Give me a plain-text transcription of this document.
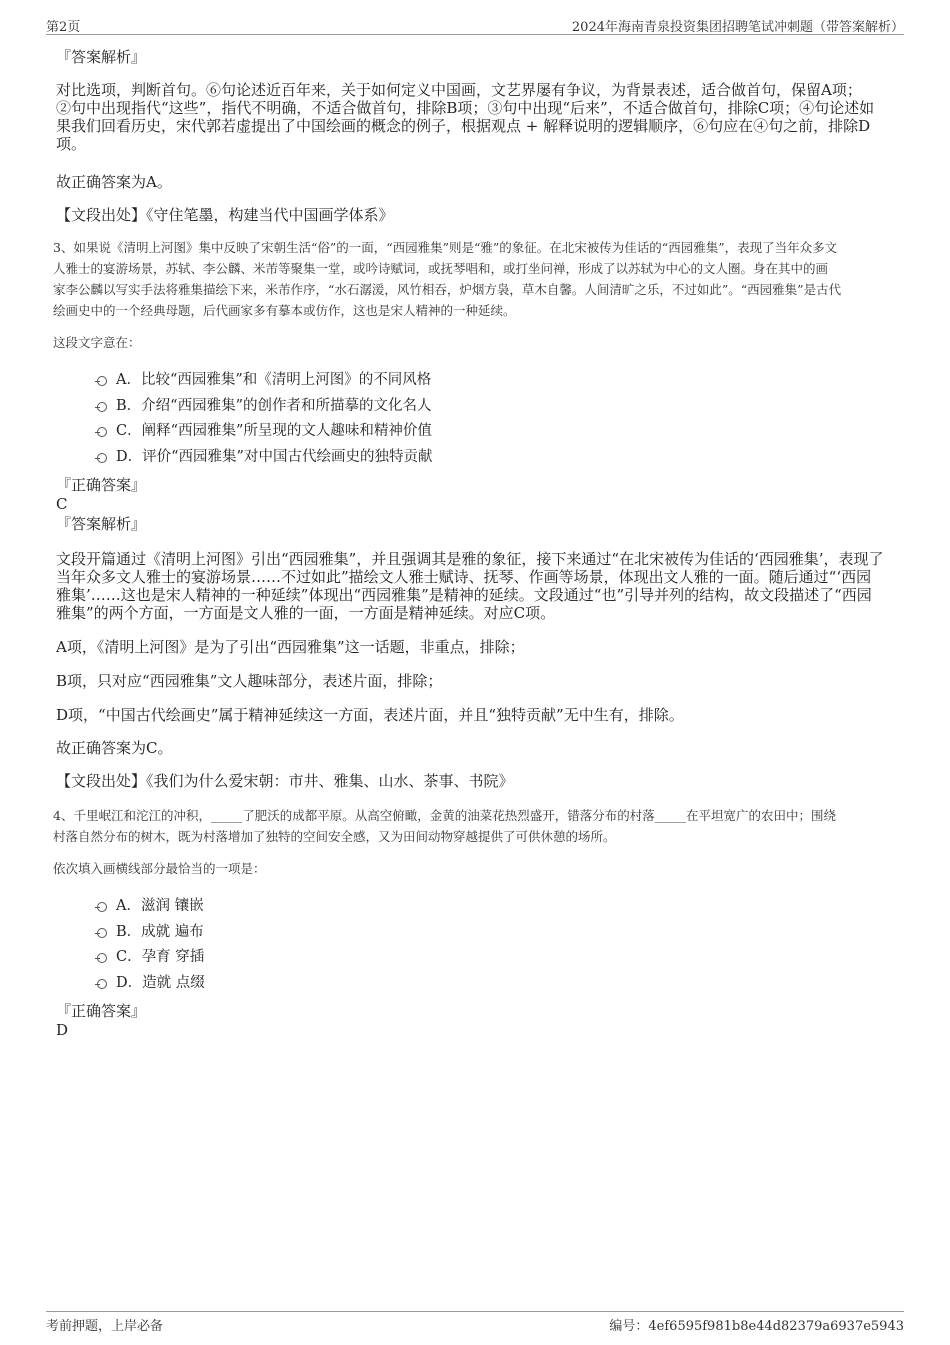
第2页	2024年海南青泉投资集团招聘笔试冲刺题（带答案解析）

『答案解析』

对比选项，判断首句。⑥句论述近百年来，关于如何定义中国画，文艺界屡有争议，为背景表述，适合做首句，保留A项；

②句中出现指代“这些”，指代不明确，不适合做首句，排除B项；③句中出现“后来”，不适合做首句，排除C项；④句论述如

果我们回看历史，宋代郭若虚提出了中国绘画的概念的例子，根据观点 + 解释说明的逻辑顺序，⑥句应在④句之前，排除D

项。

故正确答案为A。

【文段出处】《守住笔墨，构建当代中国画学体系》

3、如果说《清明上河图》集中反映了宋朝生活“俗”的一面，“西园雅集”则是“雅”的象征。在北宋被传为佳话的“西园雅集”，表现了当年众多文

人雅士的宴游场景，苏轼、李公麟、米芾等聚集一堂，或吟诗赋词，或抚琴唱和，或打坐问禅，形成了以苏轼为中心的文人圈。身在其中的画

家李公麟以写实手法将雅集描绘下来，米芾作序，“水石潺湲，风竹相吞，炉烟方袅，草木自馨。人间清旷之乐，不过如此”。“西园雅集”是古代

绘画史中的一个经典母题，后代画家多有摹本或仿作，这也是宋人精神的一种延续。

这段文字意在：

A．比较“西园雅集”和《清明上河图》的不同风格
B．介绍“西园雅集”的创作者和所描摹的文化名人
C．阐释“西园雅集”所呈现的文人趣味和精神价值
D．评价“西园雅集”对中国古代绘画史的独特贡献

『正确答案』

C

『答案解析』

文段开篇通过《清明上河图》引出“西园雅集”，并且强调其是雅的象征，接下来通过“在北宋被传为佳话的‘西园雅集’，表现了

当年众多文人雅士的宴游场景……不过如此”描绘文人雅士赋诗、抚琴、作画等场景，体现出文人雅的一面。随后通过“‘西园

雅集’……这也是宋人精神的一种延续”体现出“西园雅集”是精神的延续。文段通过“也”引导并列的结构，故文段描述了“西园

雅集”的两个方面，一方面是文人雅的一面，一方面是精神延续。对应C项。

A项，《清明上河图》是为了引出“西园雅集”这一话题，非重点，排除；

B项，只对应“西园雅集”文人趣味部分，表述片面，排除；

D项，“中国古代绘画史”属于精神延续这一方面，表述片面，并且“独特贡献”无中生有，排除。

故正确答案为C。

【文段出处】《我们为什么爱宋朝：市井、雅集、山水、茶事、书院》

4、千里岷江和沱江的冲积，_____了肥沃的成都平原。从高空俯瞰，金黄的油菜花热烈盛开，错落分布的村落_____在平坦宽广的农田中；围绕

村落自然分布的树木，既为村落增加了独特的空间安全感，又为田间动物穿越提供了可供休憩的场所。

依次填入画横线部分最恰当的一项是：

A．滋润 镶嵌
B．成就 遍布
C．孕育 穿插
D．造就 点缀

『正确答案』

D

考前押题，上岸必备	编号：4ef6595f981b8e44d82379a6937e5943
